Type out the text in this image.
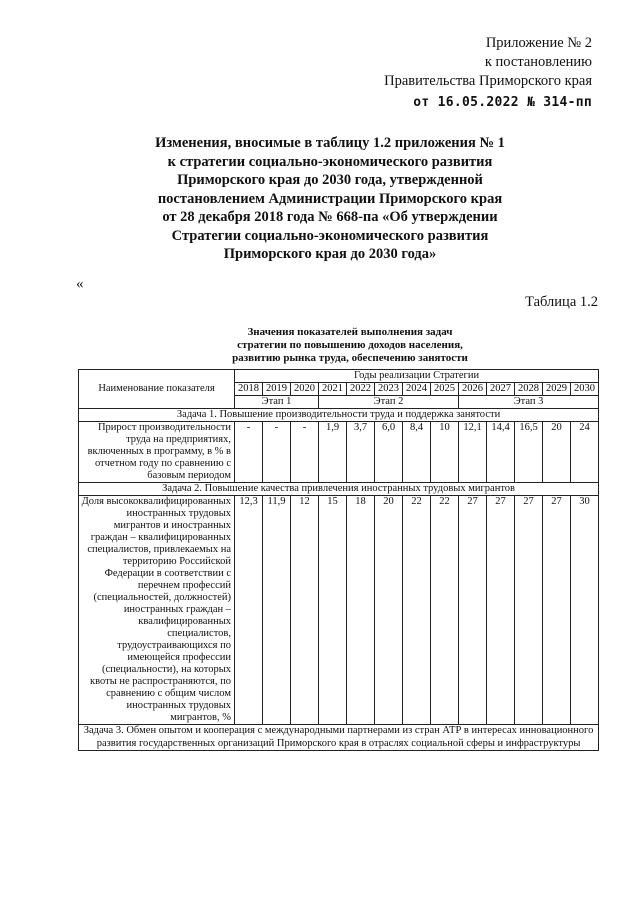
Приложение № 2
к постановлению
Правительства Приморского края
от 16.05.2022 № 314-пп
Изменения, вносимые в таблицу 1.2 приложения № 1
к стратегии социально-экономического развития
Приморского края до 2030 года, утвержденной
постановлением Администрации Приморского края
от 28 декабря 2018 года № 668-па «Об утверждении
Стратегии социально-экономического развития
Приморского края до 2030 года»
«
Таблица 1.2
Значения показателей выполнения задач
стратегии по повышению доходов населения,
развитию рынка труда, обеспечению занятости
Наименование показателя	Годы реализации Стратегии												
	2018	2019	2020	2021	2022	2023	2024	2025	2026	2027	2028	2029	2030
	Этап 1			Этап 2					Этап 3				
Задача 1. Повышение производительности труда и поддержка занятости													
Прирост производительности труда на предприятиях, включенных в программу, в % в отчетном году по сравнению с базовым периодом	-	-	-	1,9	3,7	6,0	8,4	10	12,1	14,4	16,5	20	24
Задача 2. Повышение качества привлечения иностранных трудовых мигрантов													
Доля высококвалифицированных иностранных трудовых мигрантов и иностранных граждан – квалифицированных специалистов, привлекаемых на территорию Российской Федерации в соответствии с перечнем профессий (специальностей, должностей) иностранных граждан – квалифицированных специалистов, трудоустраивающихся по имеющейся профессии (специальности), на которых квоты не распространяются, по сравнению с общим числом иностранных трудовых мигрантов, %	12,3	11,9	12	15	18	20	22	22	27	27	27	27	30
Задача 3. Обмен опытом и кооперация с международными партнерами из стран АТР в интересах инновационного развития государственных организаций Приморского края в отраслях социальной сферы и инфраструктуры													
